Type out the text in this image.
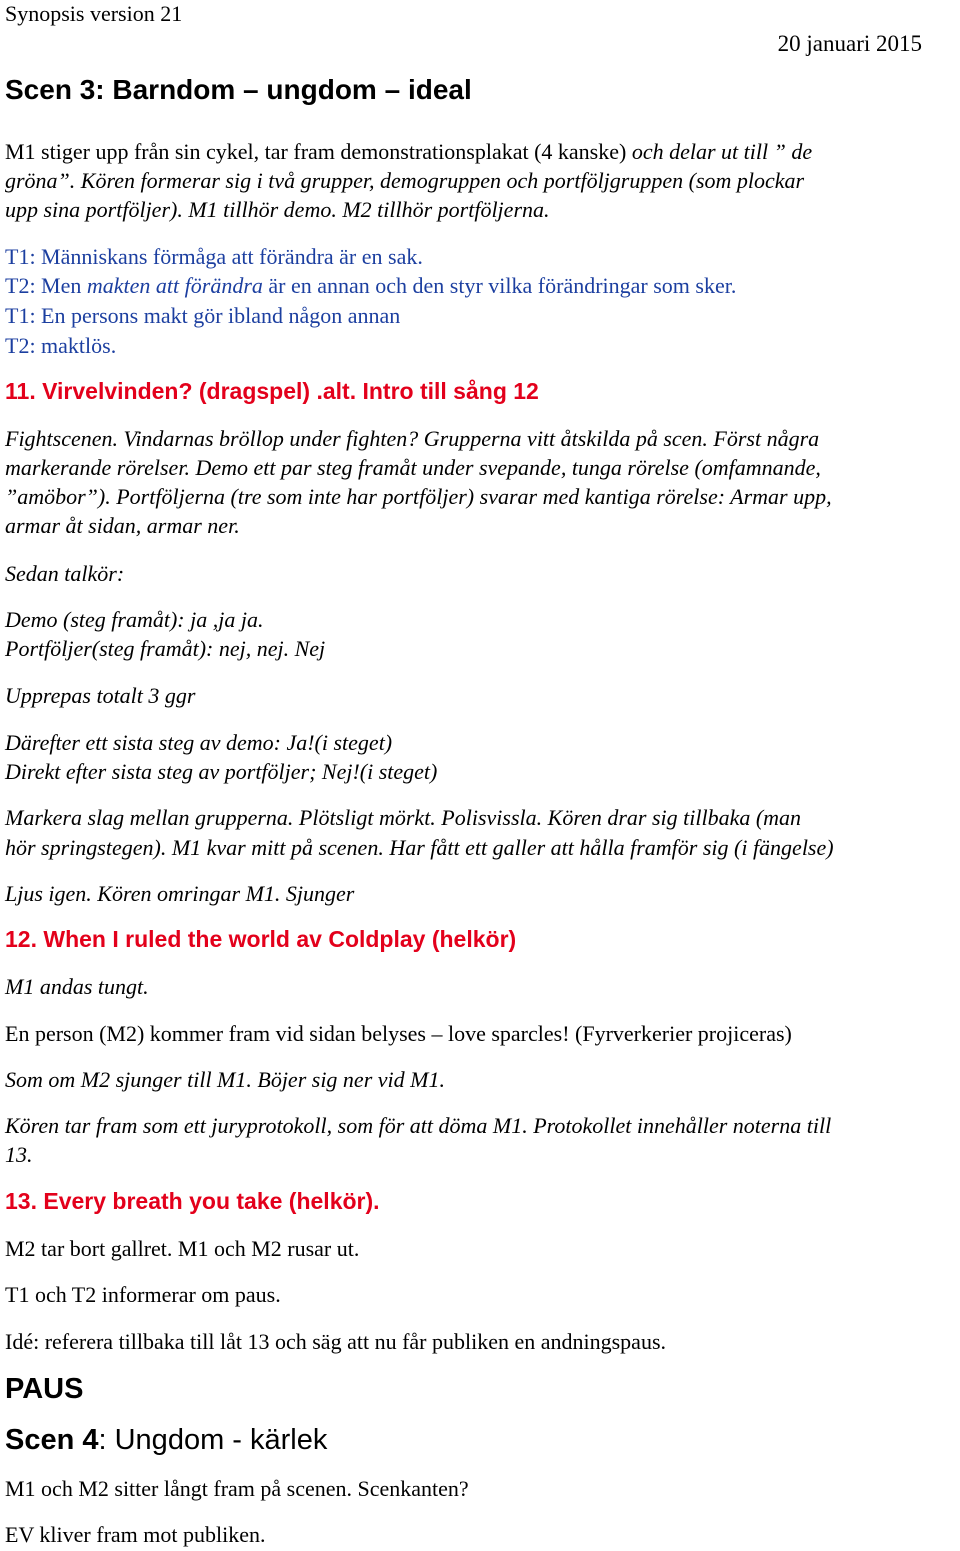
Synopsis version 21
20 januari 2015
Scen 3: Barndom – ungdom – ideal
M1 stiger upp från sin cykel, tar fram demonstrationsplakat (4 kanske) och delar ut till ” de
gröna”. Kören formerar sig i två grupper, demogruppen och portföljgruppen (som plockar
upp sina portföljer). M1 tillhör demo. M2 tillhör portföljerna.
T1: Människans förmåga att förändra är en sak.
T2: Men makten att förändra är en annan och den styr vilka förändringar som sker.
T1: En persons makt gör ibland någon annan
T2: maktlös.
11. Virvelvinden? (dragspel) .alt. Intro till sång 12
Fightscenen. Vindarnas bröllop under fighten? Grupperna vitt åtskilda på scen. Först några
markerande rörelser. Demo ett par steg framåt under svepande, tunga rörelse (omfamnande,
”amöbor”). Portföljerna (tre som inte har portföljer) svarar med kantiga rörelse: Armar upp,
armar åt sidan, armar ner.
Sedan talkör:
Demo (steg framåt): ja ,ja ja.
Portföljer(steg framåt): nej, nej. Nej
Upprepas totalt 3 ggr
Därefter ett sista steg av demo: Ja!(i steget)
Direkt efter sista steg av portföljer; Nej!(i steget)
Markera slag mellan grupperna. Plötsligt mörkt. Polisvissla. Kören drar sig tillbaka (man
hör springstegen). M1 kvar mitt på scenen. Har fått ett galler att hålla framför sig (i fängelse)
Ljus igen. Kören omringar M1. Sjunger
12. When I ruled the world av Coldplay (helkör)
M1 andas tungt.
En person (M2) kommer fram vid sidan belyses – love sparcles! (Fyrverkerier projiceras)
Som om M2 sjunger till M1. Böjer sig ner vid M1.
Kören tar fram som ett juryprotokoll, som för att döma M1. Protokollet innehåller noterna till
13.
13. Every breath you take (helkör).
M2 tar bort gallret. M1 och M2 rusar ut.
T1 och T2 informerar om paus.
Idé: referera tillbaka till låt 13 och säg att nu får publiken en andningspaus.
PAUS
Scen 4: Ungdom - kärlek
M1 och M2 sitter långt fram på scenen. Scenkanten?
EV kliver fram mot publiken.
